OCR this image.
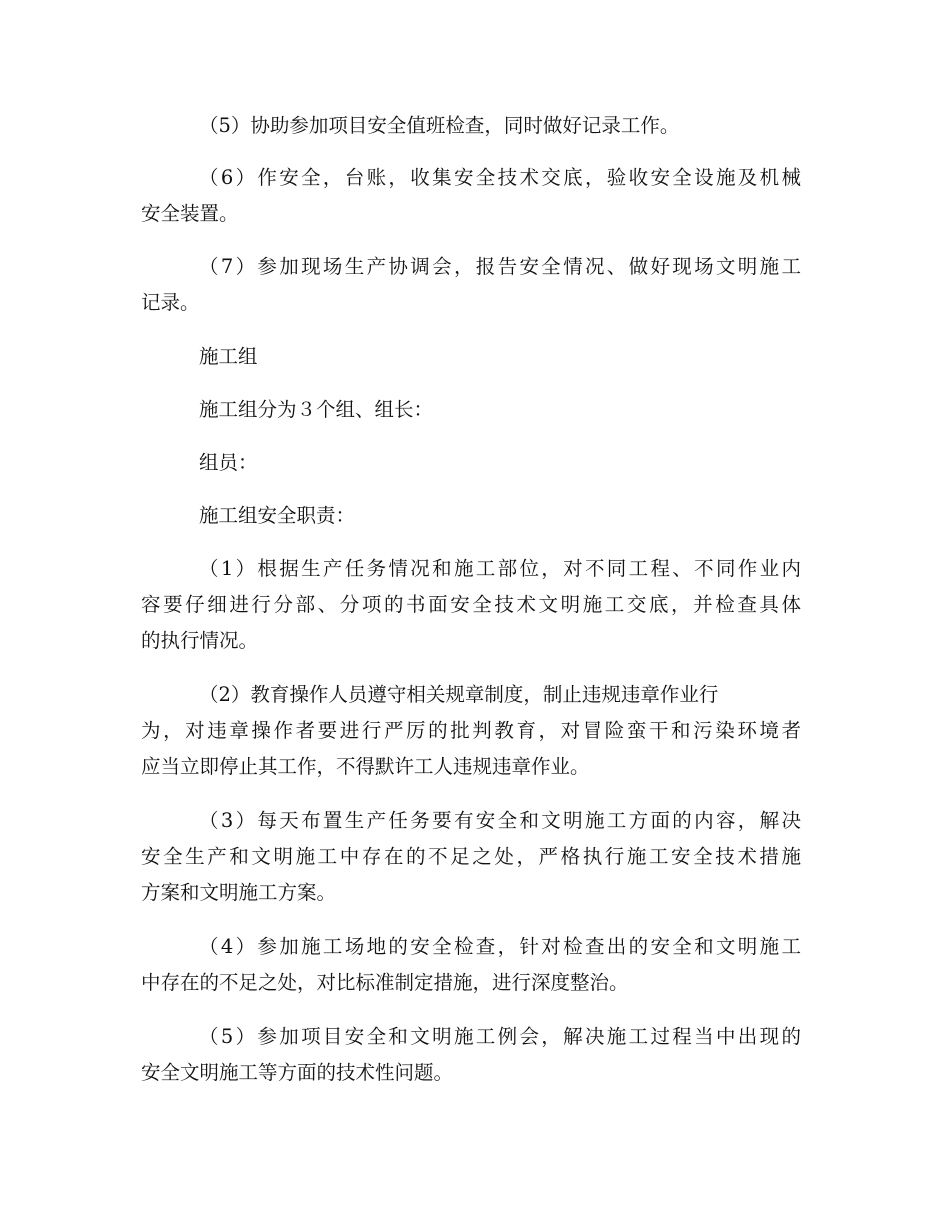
（5）协助参加项目安全值班检查，同时做好记录工作。
（6）作安全，台账，收集安全技术交底，验收安全设施及机械
安全装置。
（7）参加现场生产协调会，报告安全情况、做好现场文明施工
记录。
施工组
施工组分为３个组、组长：
组员：
施工组安全职责：
（1）根据生产任务情况和施工部位，对不同工程、不同作业内
容要仔细进行分部、分项的书面安全技术文明施工交底，并检查具体
的执行情况。
（2）教育操作人员遵守相关规章制度，制止违规违章作业行
为，对违章操作者要进行严厉的批判教育，对冒险蛮干和污染环境者
应当立即停止其工作，不得默许工人违规违章作业。
（3）每天布置生产任务要有安全和文明施工方面的内容，解决
安全生产和文明施工中存在的不足之处，严格执行施工安全技术措施
方案和文明施工方案。
（4）参加施工场地的安全检查，针对检查出的安全和文明施工
中存在的不足之处，对比标准制定措施，进行深度整治。
（5）参加项目安全和文明施工例会，解决施工过程当中出现的
安全文明施工等方面的技术性问题。
